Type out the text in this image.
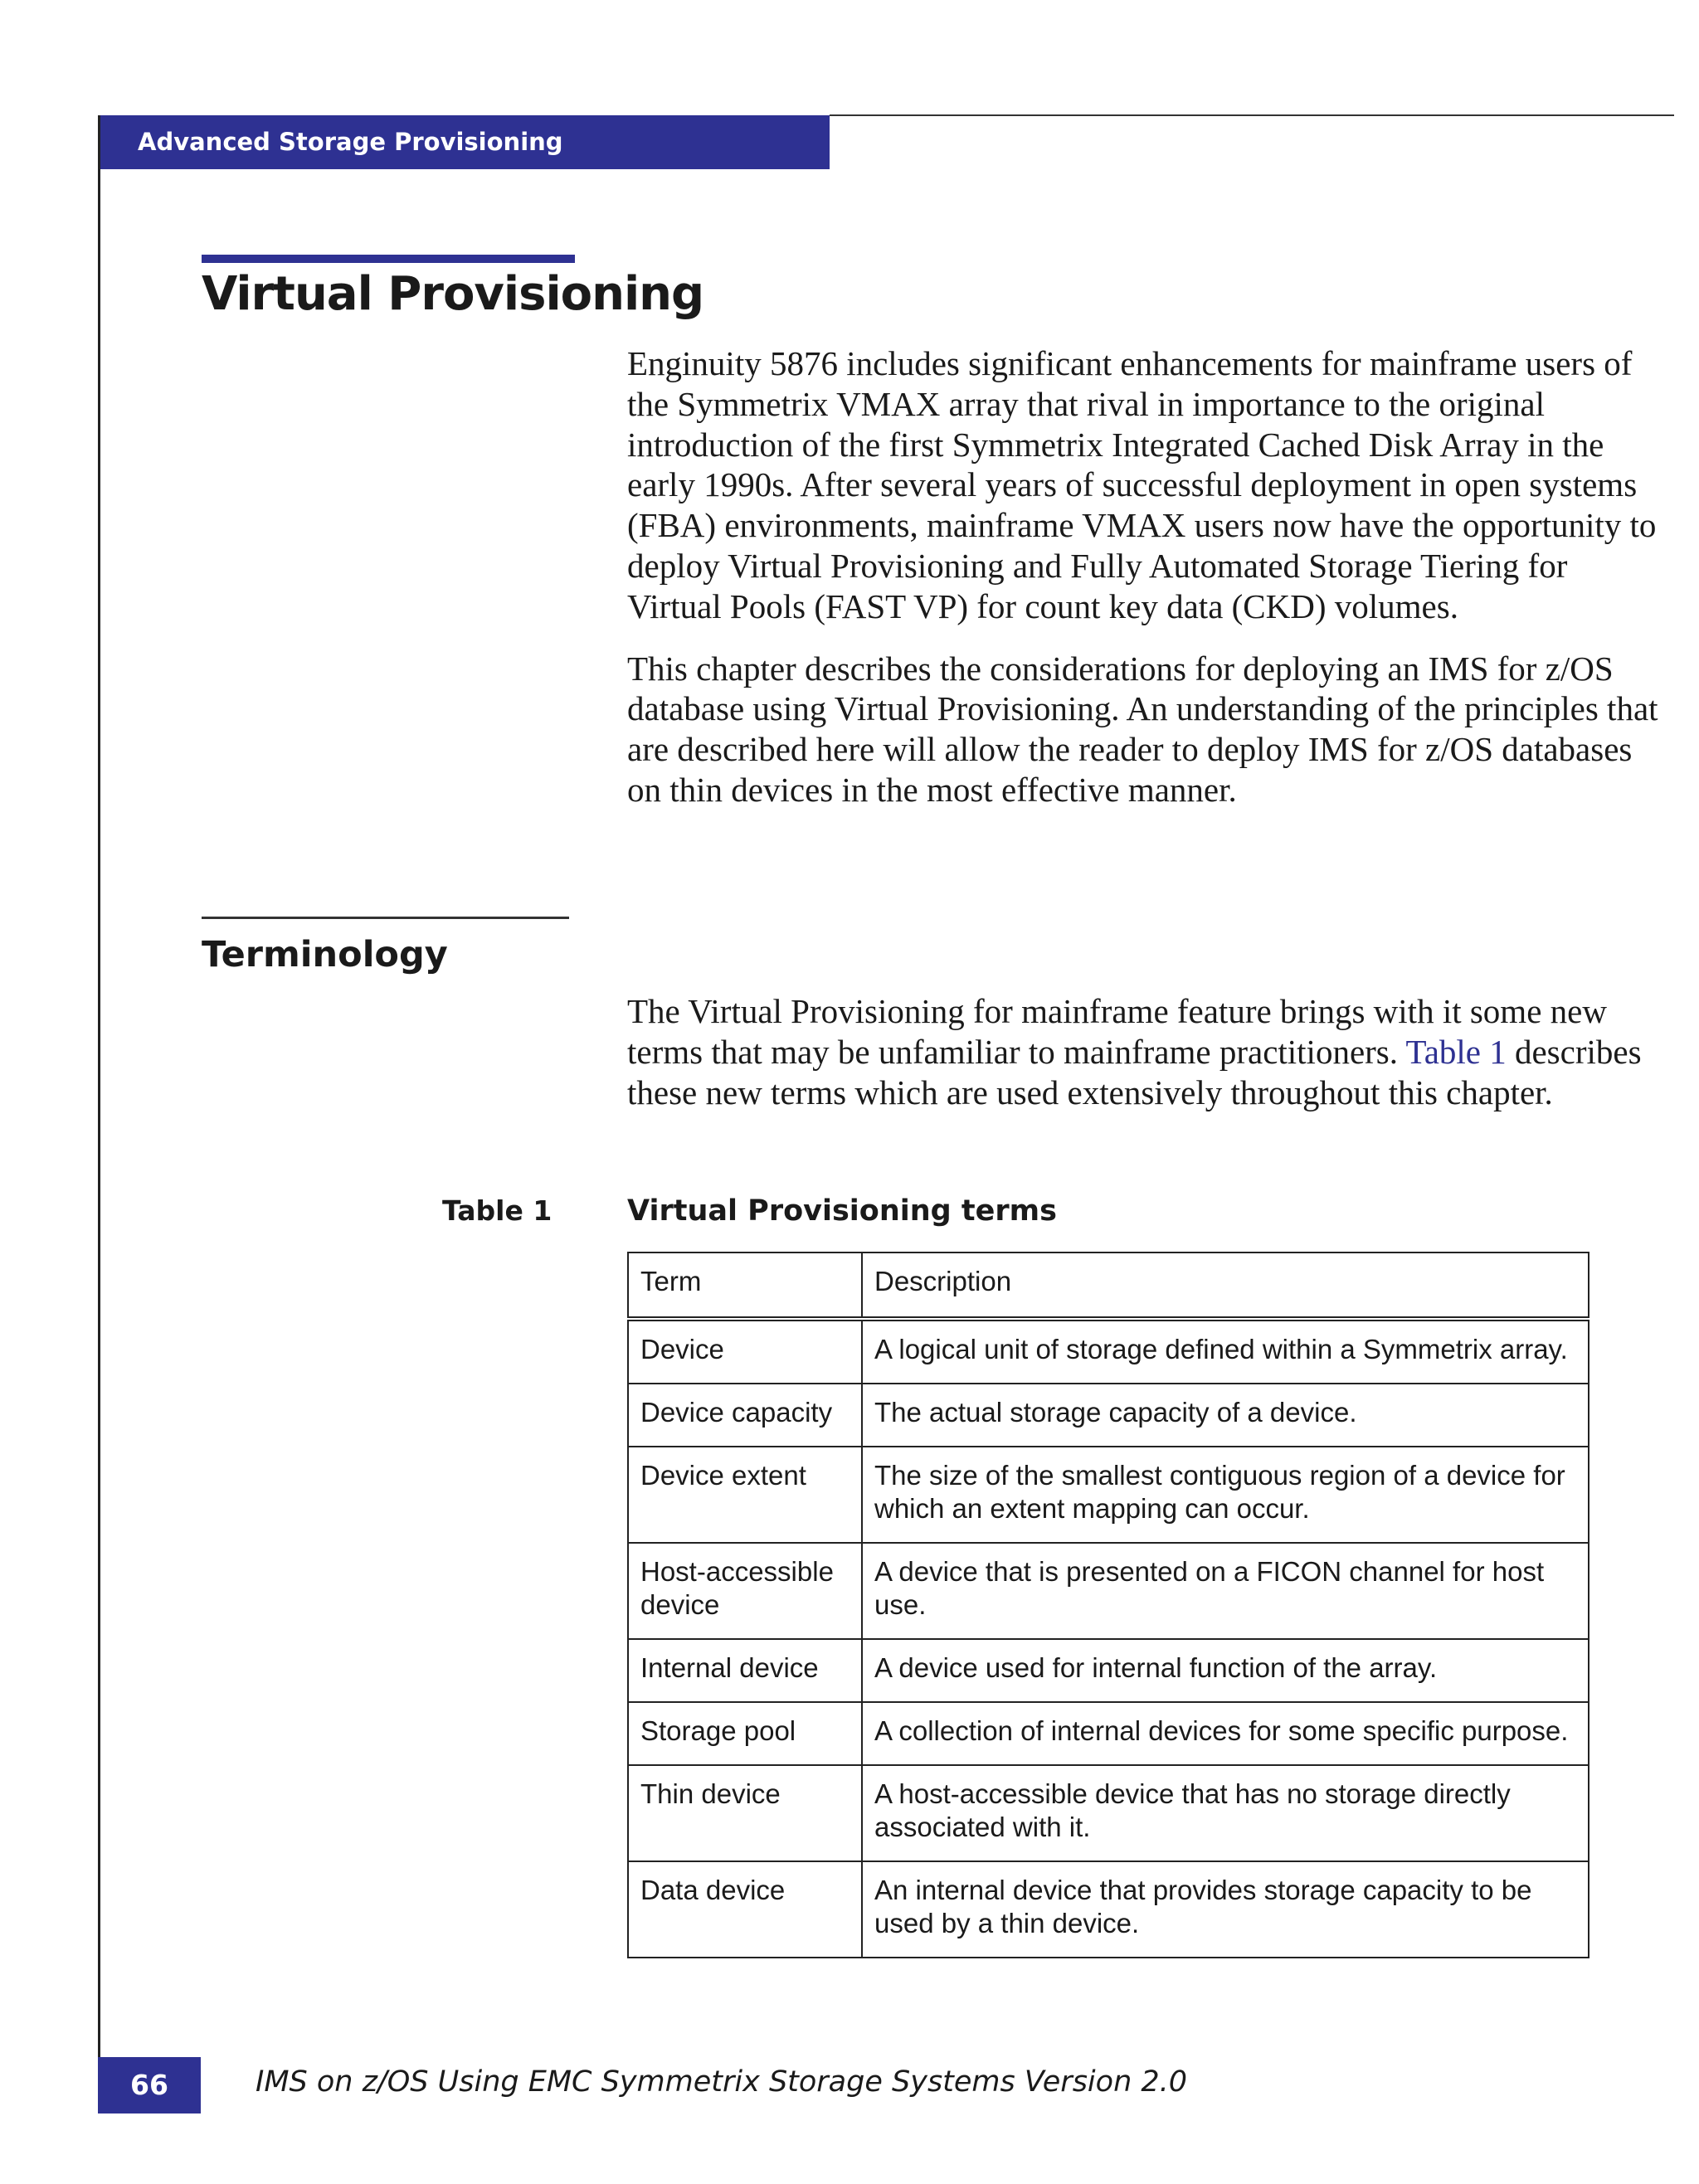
Advanced Storage Provisioning
Virtual Provisioning

Enginuity 5876 includes significant enhancements for mainframe users of the Symmetrix VMAX array that rival in importance to the original introduction of the first Symmetrix Integrated Cached Disk Array in the early 1990s. After several years of successful deployment in open systems (FBA) environments, mainframe VMAX users now have the opportunity to deploy Virtual Provisioning and Fully Automated Storage Tiering for Virtual Pools (FAST VP) for count key data (CKD) volumes.

This chapter describes the considerations for deploying an IMS for z/OS database using Virtual Provisioning. An understanding of the principles that are described here will allow the reader to deploy IMS for z/OS databases on thin devices in the most effective manner.

Terminology

The Virtual Provisioning for mainframe feature brings with it some new terms that may be unfamiliar to mainframe practitioners. Table 1 describes these new terms which are used extensively throughout this chapter.

Table 1	Virtual Provisioning terms
Term	Description
Device	A logical unit of storage defined within a Symmetrix array.
Device capacity	The actual storage capacity of a device.
Device extent	The size of the smallest contiguous region of a device for which an extent mapping can occur.
Host-accessible device	A device that is presented on a FICON channel for host use.
Internal device	A device used for internal function of the array.
Storage pool	A collection of internal devices for some specific purpose.
Thin device	A host-accessible device that has no storage directly associated with it.
Data device	An internal device that provides storage capacity to be used by a thin device.
66	IMS on z/OS Using EMC Symmetrix Storage Systems Version 2.0
